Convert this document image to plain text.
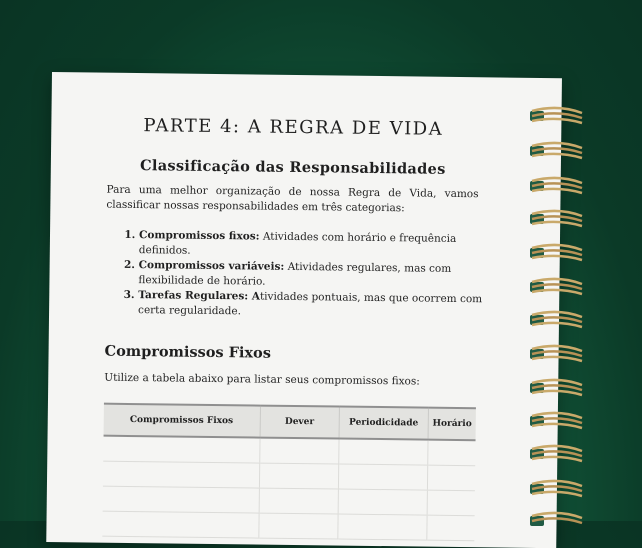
PARTE 4: A REGRA DE VIDA
Classificação das Responsabilidades

Para uma melhor organização de nossa Regra de Vida, vamos classificar nossas responsabilidades em três categorias:

1. Compromissos fixos: Atividades com horário e frequência definidos.
2. Compromissos variáveis: Atividades regulares, mas com flexibilidade de horário.
3. Tarefas Regulares: Atividades pontuais, mas que ocorrem com certa regularidade.
Compromissos Fixos

Utilize a tabela abaixo para listar seus compromissos fixos:

Compromissos Fixos	Dever	Periodicidade	Horário
